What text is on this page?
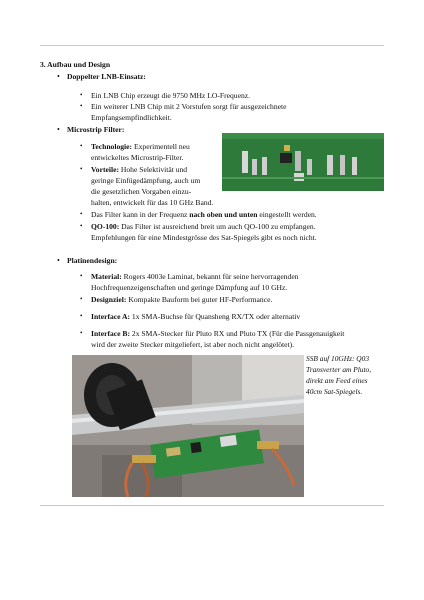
3. Aufbau und Design
• Doppelter LNB-Einsatz:
• Ein LNB Chip erzeugt die 9750 MHz LO-Frequenz.
• Ein weiterer LNB Chip mit 2 Vorstufen sorgt für ausgezeichnete
Empfangsempfindlichkeit.
• Microstrip Filter:
• Technologie: Experimentell neu
entwickeltes Microstrip-Filter.
• Vorteile: Hohe Selektivität und
geringe Einfügedämpfung, auch um
die gesetzlichen Vorgaben einzu-
halten, entwickelt für das 10 GHz Band.
• Das Filter kann in der Frequenz nach oben und unten eingestellt werden.
• QO-100: Das Filter ist ausreichend breit um auch QO-100 zu empfangen.
Empfehlungen für eine Mindestgrösse des Sat-Spiegels gibt es noch nicht.
• Platinendesign:
• Material: Rogers 4003e Laminat, bekannt für seine hervorragenden
Hochfrequenzeigenschaften und geringe Dämpfung auf 10 GHz.
• Designziel: Kompakte Bauform bei guter HF-Performance.
• Interface A: 1x SMA-Buchse für Quansheng RX/TX oder alternativ
• Interface B: 2x SMA-Stecker für Pluto RX und Pluto TX (Für die Passgenauigkeit
wird der zweite Stecker mitgeliefert, ist aber noch nicht angelötet).
SSB auf 10GHz: Q03
Transverter am Pluto,
direkt am Feed eines
40cm Sat-Spiegels.
